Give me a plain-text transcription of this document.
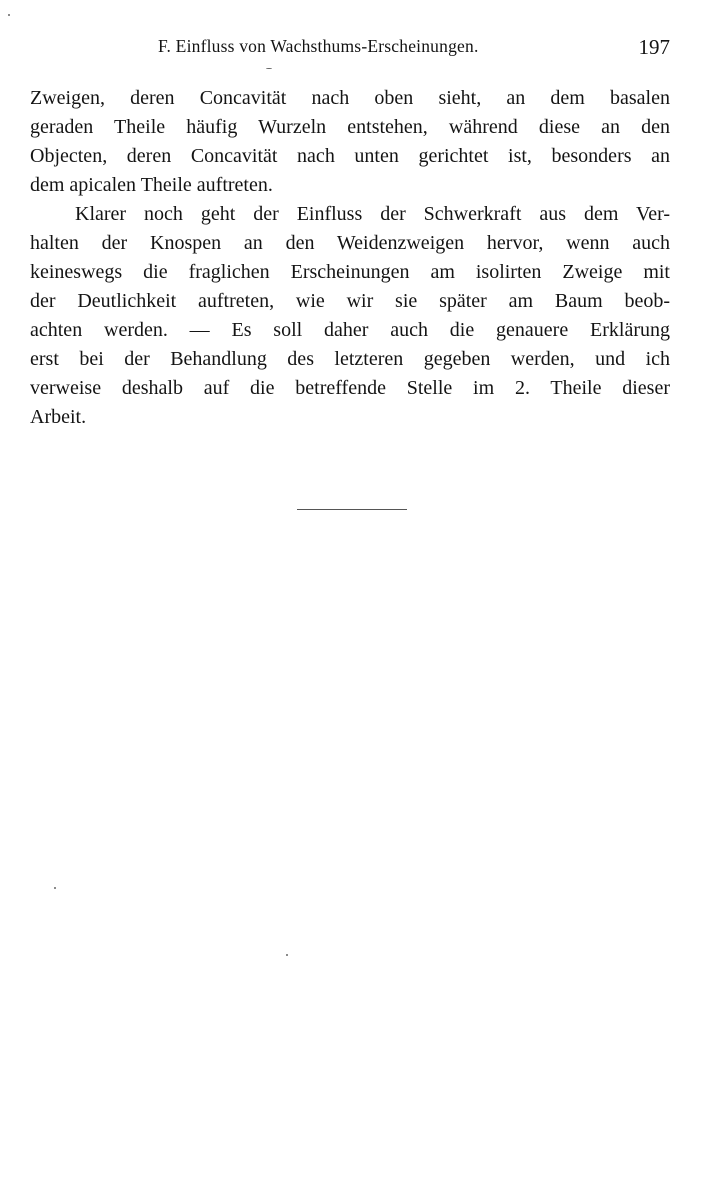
F. Einfluss von Wachsthums-Erscheinungen.	197

Zweigen, deren Concavität nach oben sieht, an dem basalen
geraden Theile häufig Wurzeln entstehen, während diese an den
Objecten, deren Concavität nach unten gerichtet ist, besonders an
dem apicalen Theile auftreten.
Klarer noch geht der Einfluss der Schwerkraft aus dem Ver-
halten der Knospen an den Weidenzweigen hervor, wenn auch
keineswegs die fraglichen Erscheinungen am isolirten Zweige mit
der Deutlichkeit auftreten, wie wir sie später am Baum beob-
achten werden. — Es soll daher auch die genauere Erklärung
erst bei der Behandlung des letzteren gegeben werden, und ich
verweise deshalb auf die betreffende Stelle im 2. Theile dieser
Arbeit.
